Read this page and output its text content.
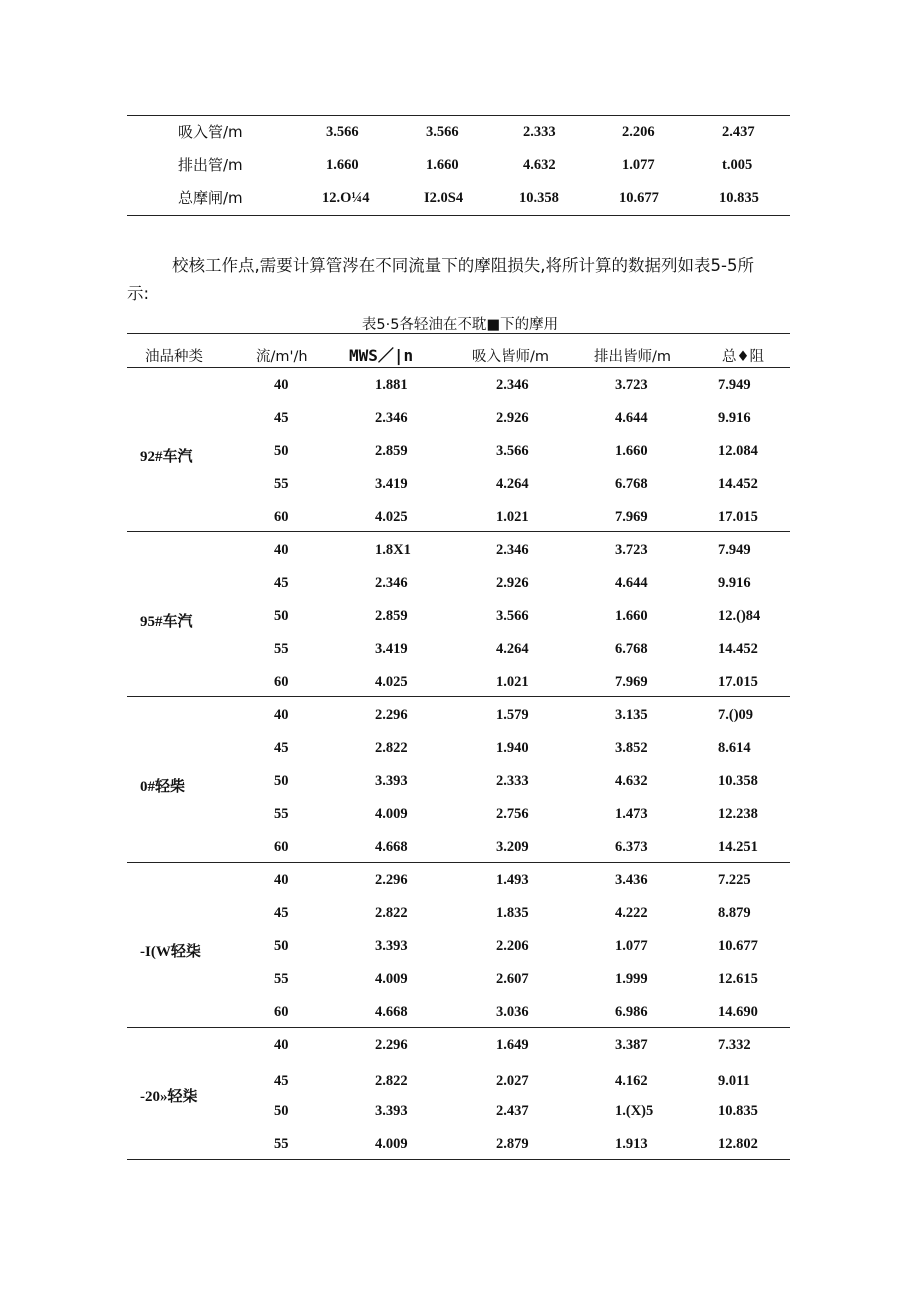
吸入管/m	3.566	3.566	2.333	2.206	2.437
排出管/m	1.660	1.660	4.632	1.077	t.005
总摩闸/m	12.O¼4	I2.0S4	10.358	10.677	10.835
校核工作点,需要计算管涔在不同流量下的摩阻损失,将所计算的数据列如表5-5所
示:
表5·5各轻油在不耽■下的摩用
油品种类	流/m'/h	MWS／|n	吸入皆师/m	排出皆师/m	总♦阻
92#车汽
40	1.881	2.346	3.723	7.949
45	2.346	2.926	4.644	9.916
50	2.859	3.566	1.660	12.084
55	3.419	4.264	6.768	14.452
60	4.025	1.021	7.969	17.015
95#车汽
40	1.8X1	2.346	3.723	7.949
45	2.346	2.926	4.644	9.916
50	2.859	3.566	1.660	12.()84
55	3.419	4.264	6.768	14.452
60	4.025	1.021	7.969	17.015
0#轻柴
40	2.296	1.579	3.135	7.()09
45	2.822	1.940	3.852	8.614
50	3.393	2.333	4.632	10.358
55	4.009	2.756	1.473	12.238
60	4.668	3.209	6.373	14.251
-I(W轻柒
40	2.296	1.493	3.436	7.225
45	2.822	1.835	4.222	8.879
50	3.393	2.206	1.077	10.677
55	4.009	2.607	1.999	12.615
60	4.668	3.036	6.986	14.690
-20»轻柒
40	2.296	1.649	3.387	7.332
45	2.822	2.027	4.162	9.011
50	3.393	2.437	1.(X)5	10.835
55	4.009	2.879	1.913	12.802
